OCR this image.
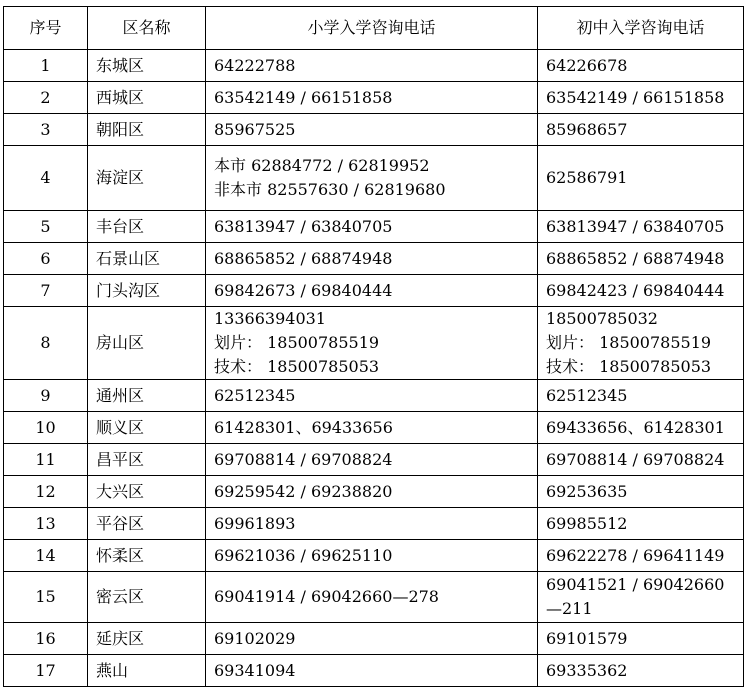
序号	区名称	小学入学咨询电话	初中入学咨询电话
1	东城区	64222788	64226678

2	西城区	63542149 / 66151858	63542149 / 66151858

3	朝阳区	85967525	85968657

4	海淀区	本市 62884772 / 62819952
非本市 82557630 / 62819680	62586791

5	丰台区	63813947 / 63840705	63813947 / 63840705

6	石景山区	68865852 / 68874948	68865852 / 68874948

7	门头沟区	69842673 / 69840444	69842423 / 69840444

8	房山区	13366394031
划片： 18500785519
技术： 18500785053	18500785032
划片： 18500785519
技术： 18500785053

9	通州区	62512345	62512345

10	顺义区	61428301、69433656	69433656、61428301

11	昌平区	69708814 / 69708824	69708814 / 69708824

12	大兴区	69259542 / 69238820	69253635

13	平谷区	69961893	69985512

14	怀柔区	69621036 / 69625110	69622278 / 69641149

15	密云区	69041914 / 69042660—278	69041521 / 69042660
—211

16	延庆区	69102029	69101579

17	燕山	69341094	69335362
